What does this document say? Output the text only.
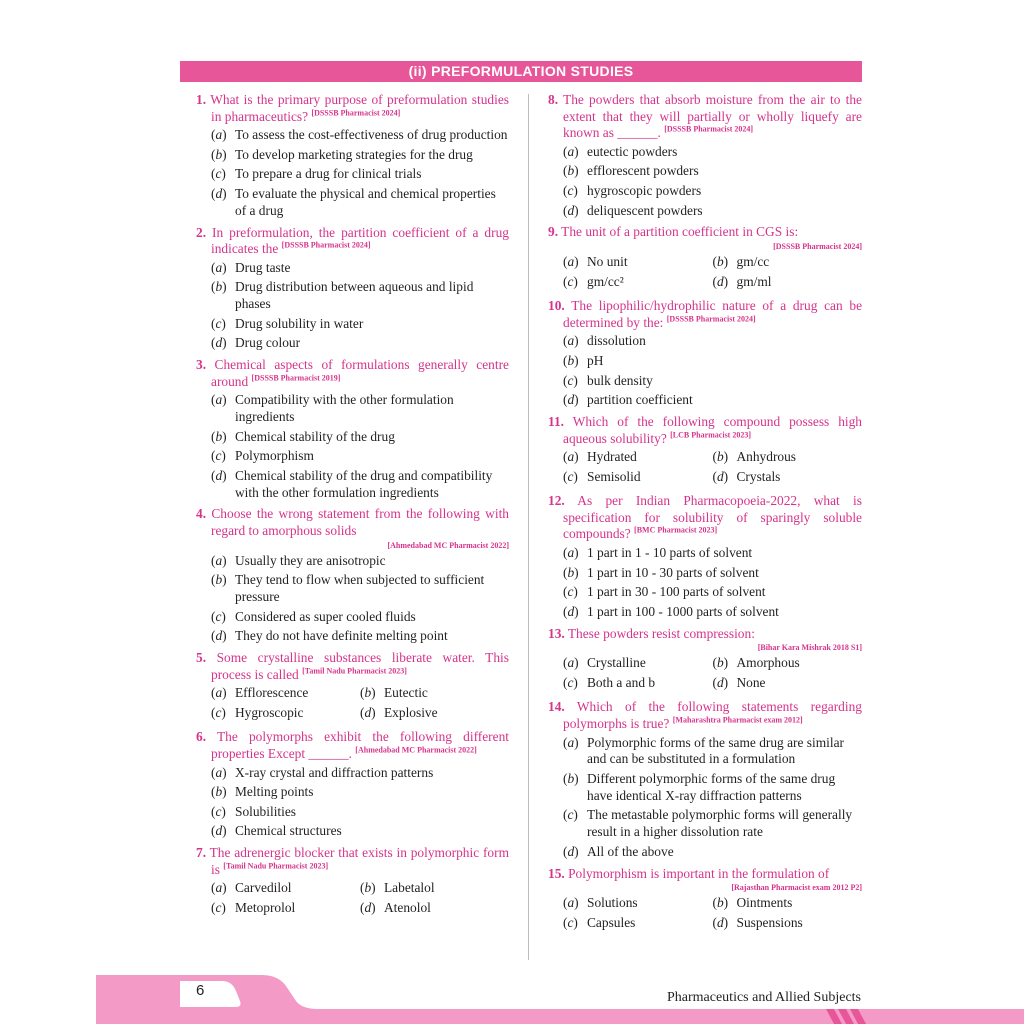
(ii) PREFORMULATION STUDIES
1. What is the primary purpose of preformulation studies in pharmaceutics? [DSSSB Pharmacist 2024]
(a) To assess the cost-effectiveness of drug production
(b) To develop marketing strategies for the drug
(c) To prepare a drug for clinical trials
(d) To evaluate the physical and chemical properties of a drug
2. In preformulation, the partition coefficient of a drug indicates the [DSSSB Pharmacist 2024]
(a) Drug taste
(b) Drug distribution between aqueous and lipid phases
(c) Drug solubility in water
(d) Drug colour
3. Chemical aspects of formulations generally centre around [DSSSB Pharmacist 2019]
(a) Compatibility with the other formulation ingredients
(b) Chemical stability of the drug
(c) Polymorphism
(d) Chemical stability of the drug and compatibility with the other formulation ingredients
4. Choose the wrong statement from the following with regard to amorphous solids
[Ahmedabad MC Pharmacist 2022]
(a) Usually they are anisotropic
(b) They tend to flow when subjected to sufficient pressure
(c) Considered as super cooled fluids
(d) They do not have definite melting point
5. Some crystalline substances liberate water. This process is called [Tamil Nadu Pharmacist 2023]
(a) Efflorescence	(b) Eutectic
(c) Hygroscopic	(d) Explosive
6. The polymorphs exhibit the following different properties Except ______. [Ahmedabad MC Pharmacist 2022]
(a) X-ray crystal and diffraction patterns
(b) Melting points
(c) Solubilities
(d) Chemical structures
7. The adrenergic blocker that exists in polymorphic form is [Tamil Nadu Pharmacist 2023]
(a) Carvedilol	(b) Labetalol
(c) Metoprolol	(d) Atenolol
8. The powders that absorb moisture from the air to the extent that they will partially or wholly liquefy are known as ______. [DSSSB Pharmacist 2024]
(a) eutectic powders
(b) efflorescent powders
(c) hygroscopic powders
(d) deliquescent powders
9. The unit of a partition coefficient in CGS is:
[DSSSB Pharmacist 2024]
(a) No unit	(b) gm/cc
(c) gm/cc²	(d) gm/ml
10. The lipophilic/hydrophilic nature of a drug can be determined by the: [DSSSB Pharmacist 2024]
(a) dissolution
(b) pH
(c) bulk density
(d) partition coefficient
11. Which of the following compound possess high aqueous solubility? [LCB Pharmacist 2023]
(a) Hydrated	(b) Anhydrous
(c) Semisolid	(d) Crystals
12. As per Indian Pharmacopoeia-2022, what is specification for solubility of sparingly soluble compounds? [BMC Pharmacist 2023]
(a) 1 part in 1 - 10 parts of solvent
(b) 1 part in 10 - 30 parts of solvent
(c) 1 part in 30 - 100 parts of solvent
(d) 1 part in 100 - 1000 parts of solvent
13. These powders resist compression:
[Bihar Kara Mishrak 2018 S1]
(a) Crystalline	(b) Amorphous
(c) Both a and b	(d) None
14. Which of the following statements regarding polymorphs is true? [Maharashtra Pharmacist exam 2012]
(a) Polymorphic forms of the same drug are similar and can be substituted in a formulation
(b) Different polymorphic forms of the same drug have identical X-ray diffraction patterns
(c) The metastable polymorphic forms will generally result in a higher dissolution rate
(d) All of the above
15. Polymorphism is important in the formulation of
[Rajasthan Pharmacist exam 2012 P2]
(a) Solutions	(b) Ointments
(c) Capsules	(d) Suspensions
6	Pharmaceutics and Allied Subjects
